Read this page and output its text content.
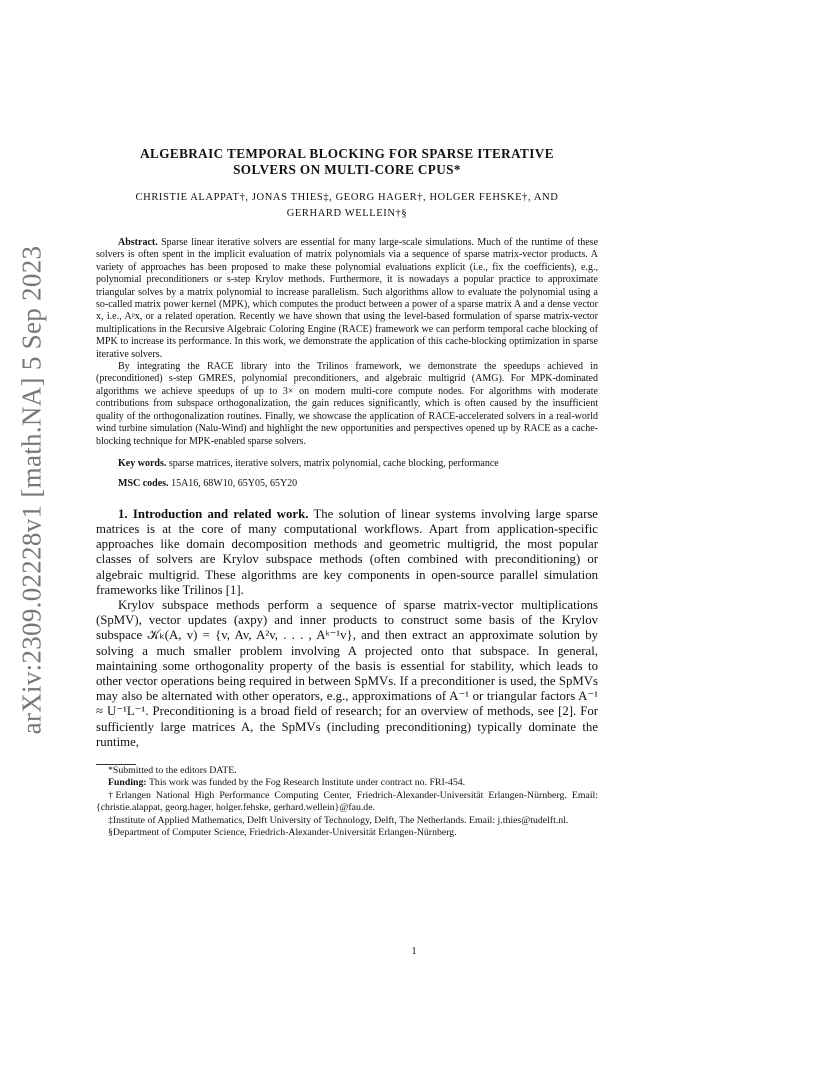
arXiv:2309.02228v1 [math.NA] 5 Sep 2023
ALGEBRAIC TEMPORAL BLOCKING FOR SPARSE ITERATIVE
SOLVERS ON MULTI-CORE CPUS*
CHRISTIE ALAPPAT†, JONAS THIES‡, GEORG HAGER†, HOLGER FEHSKE†, AND
GERHARD WELLEIN†§

Abstract. Sparse linear iterative solvers are essential for many large-scale simulations. Much of the runtime of these solvers is often spent in the implicit evaluation of matrix polynomials via a sequence of sparse matrix-vector products. A variety of approaches has been proposed to make these polynomial evaluations explicit (i.e., fix the coefficients), e.g., polynomial preconditioners or s-step Krylov methods. Furthermore, it is nowadays a popular practice to approximate triangular solves by a matrix polynomial to increase parallelism. Such algorithms allow to evaluate the polynomial using a so-called matrix power kernel (MPK), which computes the product between a power of a sparse matrix A and a dense vector x, i.e., Aᵖx, or a related operation. Recently we have shown that using the level-based formulation of sparse matrix-vector multiplications in the Recursive Algebraic Coloring Engine (RACE) framework we can perform temporal cache blocking of MPK to increase its performance. In this work, we demonstrate the application of this cache-blocking optimization in sparse iterative solvers.

By integrating the RACE library into the Trilinos framework, we demonstrate the speedups achieved in (preconditioned) s-step GMRES, polynomial preconditioners, and algebraic multigrid (AMG). For MPK-dominated algorithms we achieve speedups of up to 3× on modern multi-core compute nodes. For algorithms with moderate contributions from subspace orthogonalization, the gain reduces significantly, which is often caused by the insufficient quality of the orthogonalization routines. Finally, we showcase the application of RACE-accelerated solvers in a real-world wind turbine simulation (Nalu-Wind) and highlight the new opportunities and perspectives opened up by RACE as a cache-blocking technique for MPK-enabled sparse solvers.

Key words. sparse matrices, iterative solvers, matrix polynomial, cache blocking, performance
MSC codes. 15A16, 68W10, 65Y05, 65Y20

1. Introduction and related work. The solution of linear systems involving large sparse matrices is at the core of many computational workflows. Apart from application-specific approaches like domain decomposition methods and geometric multigrid, the most popular classes of solvers are Krylov subspace methods (often combined with preconditioning) or algebraic multigrid. These algorithms are key components in open-source parallel simulation frameworks like Trilinos [1].

Krylov subspace methods perform a sequence of sparse matrix-vector multiplications (SpMV), vector updates (axpy) and inner products to construct some basis of the Krylov subspace 𝒦ₖ(A, v) = {v, Av, A²v, . . . , Aᵏ⁻¹v}, and then extract an approximate solution by solving a much smaller problem involving A projected onto that subspace. In general, maintaining some orthogonality property of the basis is essential for stability, which leads to other vector operations being required in between SpMVs. If a preconditioner is used, the SpMVs may also be alternated with other operators, e.g., approximations of A⁻¹ or triangular factors A⁻¹ ≈ U⁻¹L⁻¹. Preconditioning is a broad field of research; for an overview of methods, see [2]. For sufficiently large matrices A, the SpMVs (including preconditioning) typically dominate the runtime,

*Submitted to the editors DATE.

Funding: This work was funded by the Fog Research Institute under contract no. FRI-454.

†Erlangen National High Performance Computing Center, Friedrich-Alexander-Universität Erlangen-Nürnberg. Email: {christie.alappat, georg.hager, holger.fehske, gerhard.wellein}@fau.de.

‡Institute of Applied Mathematics, Delft University of Technology, Delft, The Netherlands. Email: j.thies@tudelft.nl.

§Department of Computer Science, Friedrich-Alexander-Universität Erlangen-Nürnberg.

1
